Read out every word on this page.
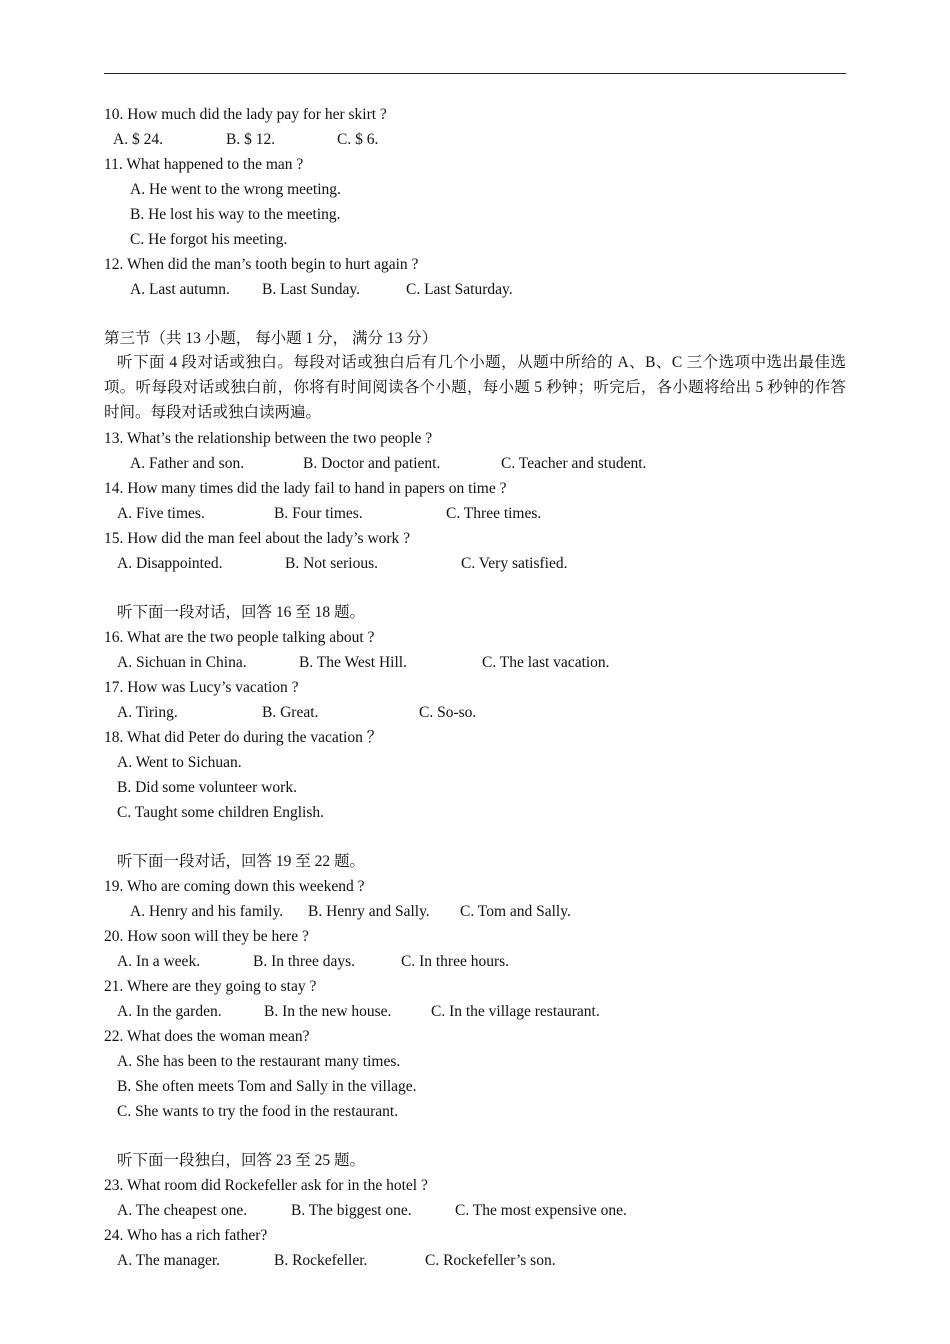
10. How much did the lady pay for her skirt ?
A. $ 24.	B. $ 12.	C. $ 6.
11. What happened to the man ?
A. He went to the wrong meeting.
B. He lost his way to the meeting.
C. He forgot his meeting.
12. When did the man’s tooth begin to hurt again ?
A. Last autumn. B. Last Sunday.	C. Last Saturday.
第三节（共 13 小题， 每小题 1 分， 满分 13 分）
听下面 4 段对话或独白。每段对话或独白后有几个小题，从题中所给的 A、B、C 三个选项中选出最佳选项。听每段对话或独白前，你将有时间阅读各个小题，每小题 5 秒钟；听完后，各小题将给出 5 秒钟的作答时间。每段对话或独白读两遍。
13. What’s the relationship between the two people ?
A. Father and son.	B. Doctor and patient.	C. Teacher and student.
14. How many times did the lady fail to hand in papers on time ?
A. Five times.	B. Four times.	C. Three times.
15. How did the man feel about the lady’s work ?
A. Disappointed.	B. Not serious.	C. Very satisfied.
听下面一段对话，回答 16 至 18 题。
16. What are the two people talking about ?
A. Sichuan in China.	B. The West Hill.	C. The last vacation.
17. How was Lucy’s vacation ?
A. Tiring.	B. Great.	C. So-so.
18. What did Peter do during the vacation ？
A. Went to Sichuan.
B. Did some volunteer work.
C. Taught some children English.
听下面一段对话，回答 19 至 22 题。
19. Who are coming down this weekend ?
A. Henry and his family. B. Henry and Sally. C. Tom and Sally.
20. How soon will they be here ?
A. In a week.	B. In three days.	C. In three hours.
21. Where are they going to stay ?
A. In the garden.	B. In the new house.	C. In the village restaurant.
22. What does the woman mean?
A. She has been to the restaurant many times.
B. She often meets Tom and Sally in the village.
C. She wants to try the food in the restaurant.
听下面一段独白，回答 23 至 25 题。
23. What room did Rockefeller ask for in the hotel ?
A. The cheapest one.	B. The biggest one.	C. The most expensive one.
24. Who has a rich father?
A. The manager.	B. Rockefeller.	C. Rockefeller’s son.
